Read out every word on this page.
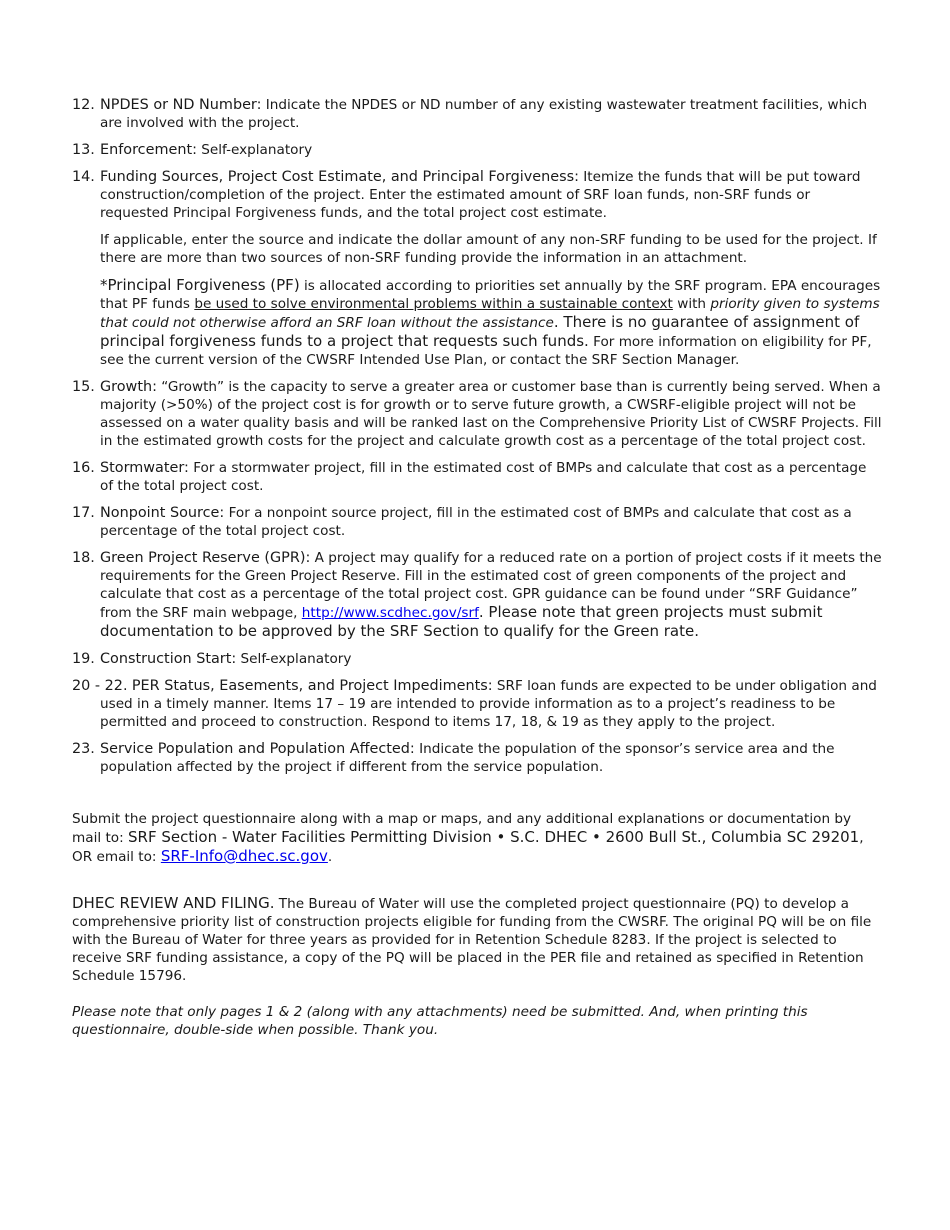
12. NPDES or ND Number: Indicate the NPDES or ND number of any existing wastewater treatment facilities, which are involved with the project.
13. Enforcement: Self-explanatory
14. Funding Sources, Project Cost Estimate, and Principal Forgiveness: Itemize the funds that will be put toward construction/completion of the project. Enter the estimated amount of SRF loan funds, non-SRF funds or requested Principal Forgiveness funds, and the total project cost estimate.
If applicable, enter the source and indicate the dollar amount of any non-SRF funding to be used for the project. If there are more than two sources of non-SRF funding provide the information in an attachment.
*Principal Forgiveness (PF) is allocated according to priorities set annually by the SRF program. EPA encourages that PF funds be used to solve environmental problems within a sustainable context with priority given to systems that could not otherwise afford an SRF loan without the assistance. There is no guarantee of assignment of principal forgiveness funds to a project that requests such funds. For more information on eligibility for PF, see the current version of the CWSRF Intended Use Plan, or contact the SRF Section Manager.
15. Growth: “Growth” is the capacity to serve a greater area or customer base than is currently being served. When a majority (>50%) of the project cost is for growth or to serve future growth, a CWSRF-eligible project will not be assessed on a water quality basis and will be ranked last on the Comprehensive Priority List of CWSRF Projects. Fill in the estimated growth costs for the project and calculate growth cost as a percentage of the total project cost.
16. Stormwater: For a stormwater project, fill in the estimated cost of BMPs and calculate that cost as a percentage of the total project cost.
17. Nonpoint Source: For a nonpoint source project, fill in the estimated cost of BMPs and calculate that cost as a percentage of the total project cost.
18. Green Project Reserve (GPR): A project may qualify for a reduced rate on a portion of project costs if it meets the requirements for the Green Project Reserve. Fill in the estimated cost of green components of the project and calculate that cost as a percentage of the total project cost. GPR guidance can be found under “SRF Guidance” from the SRF main webpage, http://www.scdhec.gov/srf. Please note that green projects must submit documentation to be approved by the SRF Section to qualify for the Green rate.
19. Construction Start: Self-explanatory
20 - 22. PER Status, Easements, and Project Impediments: SRF loan funds are expected to be under obligation and used in a timely manner. Items 17 – 19 are intended to provide information as to a project’s readiness to be permitted and proceed to construction. Respond to items 17, 18, & 19 as they apply to the project.
23. Service Population and Population Affected: Indicate the population of the sponsor’s service area and the population affected by the project if different from the service population.
Submit the project questionnaire along with a map or maps, and any additional explanations or documentation by mail to: SRF Section - Water Facilities Permitting Division • S.C. DHEC • 2600 Bull St., Columbia SC 29201, OR email to: SRF-Info@dhec.sc.gov.
DHEC REVIEW AND FILING. The Bureau of Water will use the completed project questionnaire (PQ) to develop a comprehensive priority list of construction projects eligible for funding from the CWSRF. The original PQ will be on file with the Bureau of Water for three years as provided for in Retention Schedule 8283. If the project is selected to receive SRF funding assistance, a copy of the PQ will be placed in the PER file and retained as specified in Retention Schedule 15796.
Please note that only pages 1 & 2 (along with any attachments) need be submitted. And, when printing this questionnaire, double-side when possible. Thank you.
